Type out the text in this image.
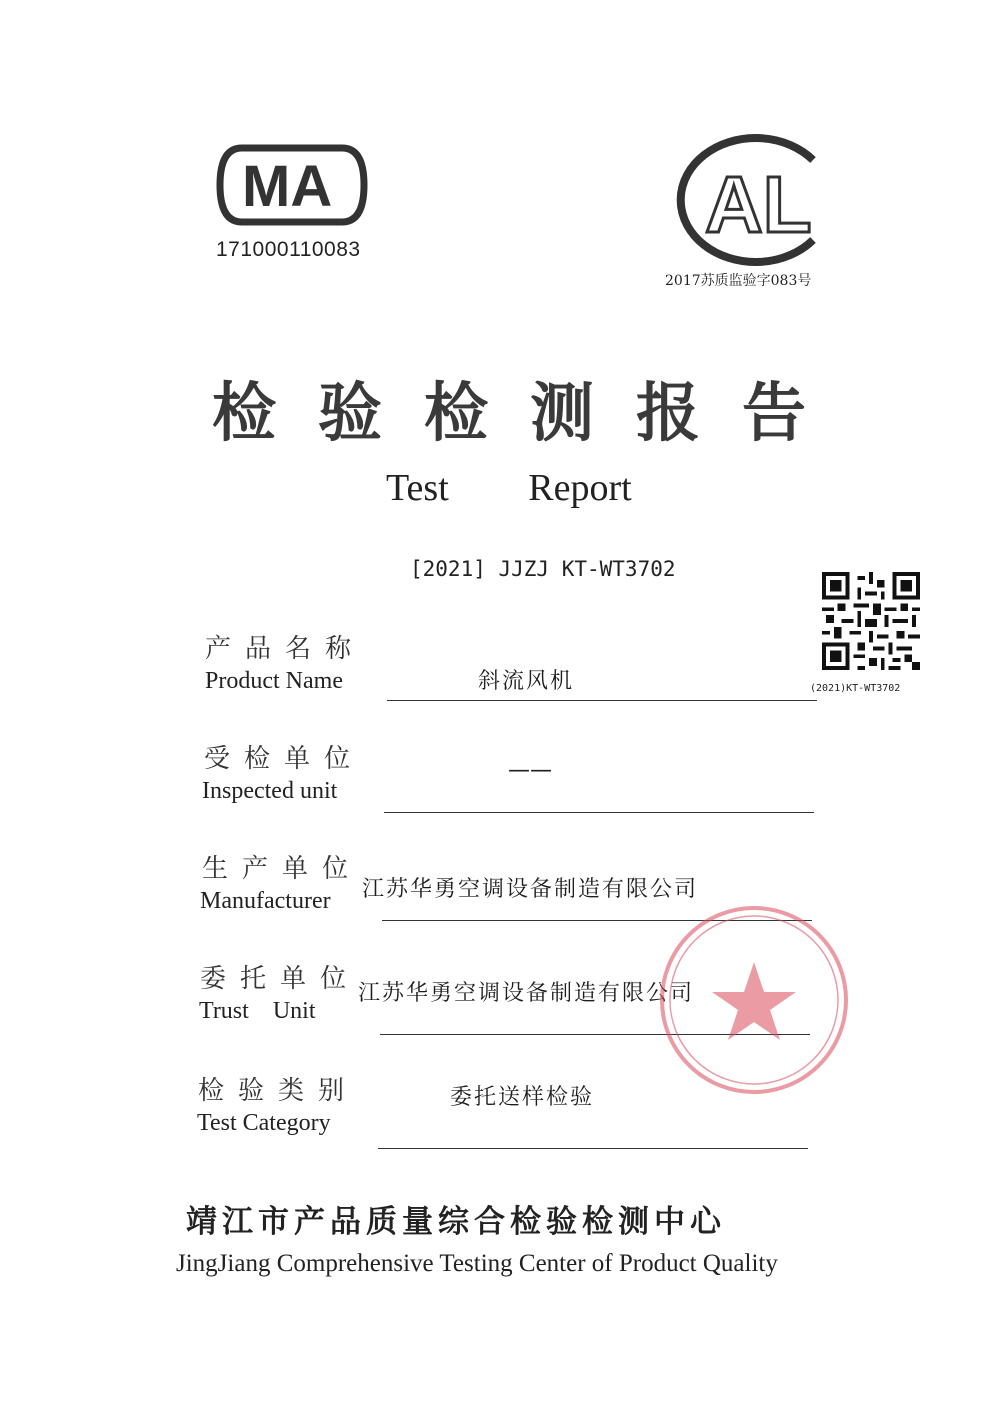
MA
171000110083
AL
2017苏质监验字083号
检验检测报告
Test Report
[2021] JJZJ KT-WT3702
(2021)KT-WT3702
产品名称
Product Name	斜流风机
受检单位
Inspected unit
——
生产单位
Manufacturer 江苏华勇空调设备制造有限公司
委托单位
Trust    Unit
江苏华勇空调设备制造有限公司
检验类别
Test Category
委托送样检验
靖江市产品质量综合检验检测中心
JingJiang Comprehensive Testing Center of Product Quality
